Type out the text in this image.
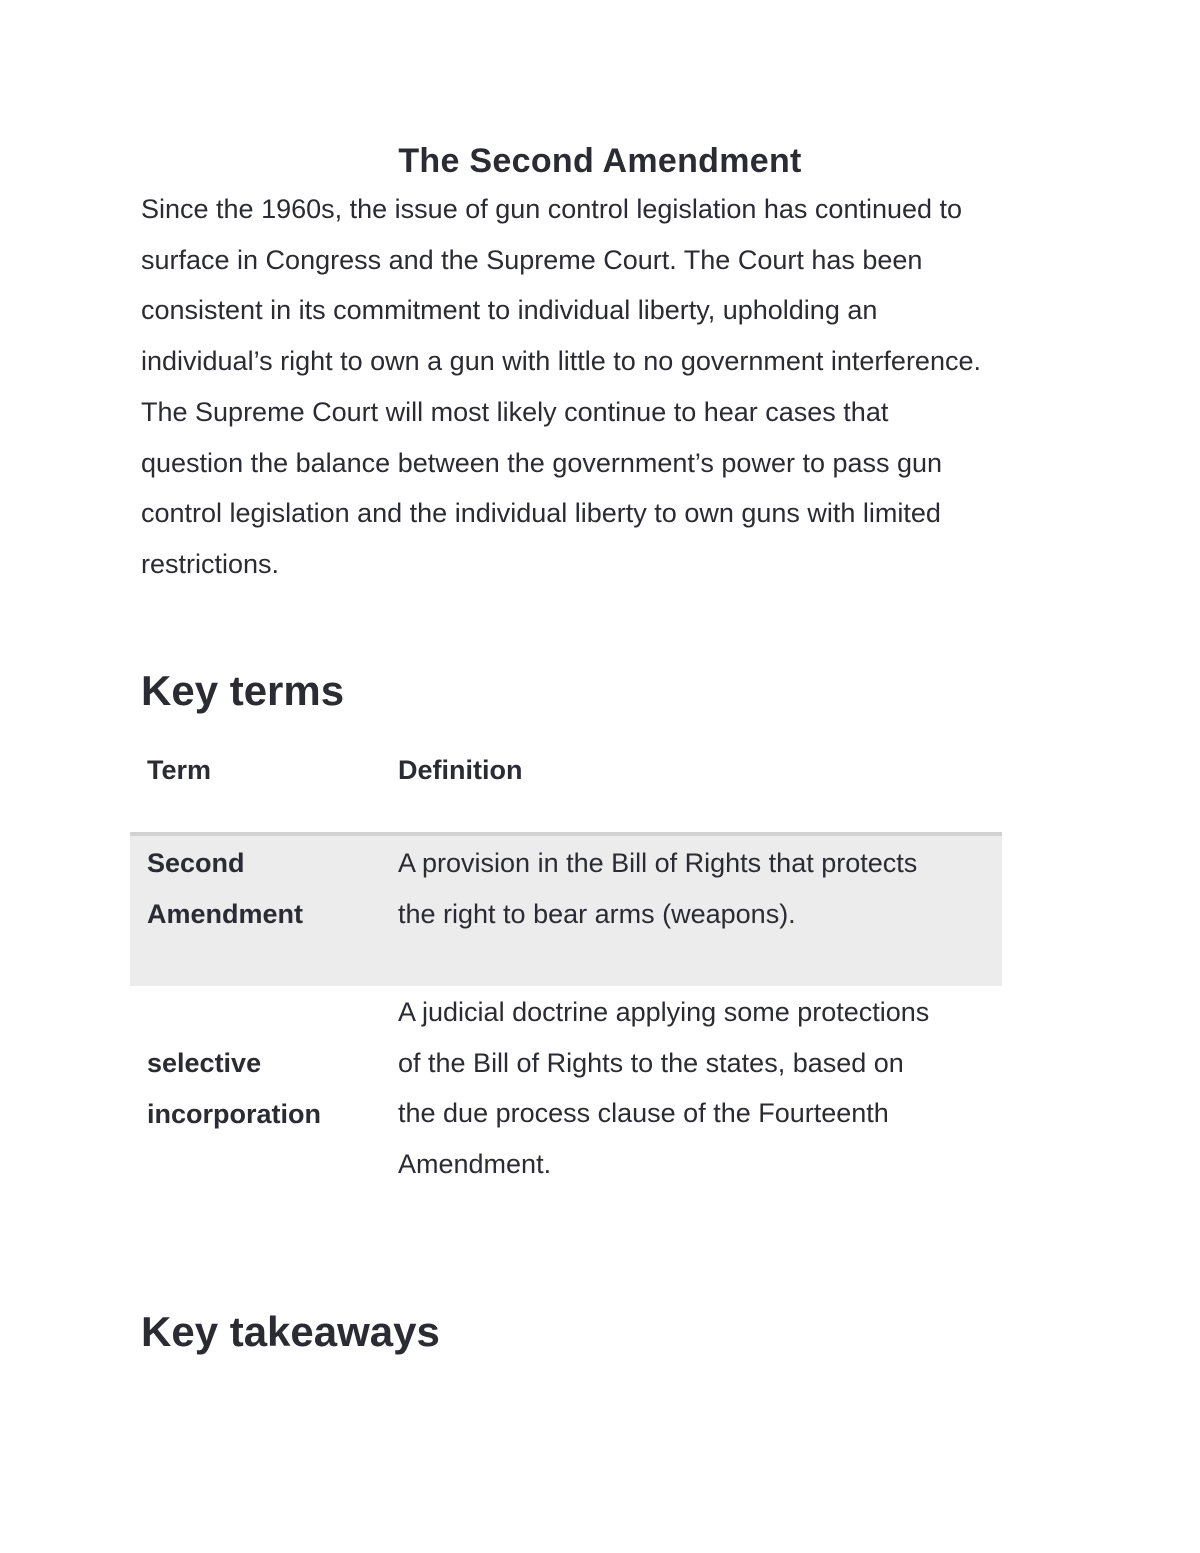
The Second Amendment

Since the 1960s, the issue of gun control legislation has continued to
surface in Congress and the Supreme Court. The Court has been
consistent in its commitment to individual liberty, upholding an
individual’s right to own a gun with little to no government interference.
The Supreme Court will most likely continue to hear cases that
question the balance between the government’s power to pass gun
control legislation and the individual liberty to own guns with limited
restrictions.

Key terms
Term	Definition
Second
Amendment
A provision in the Bill of Rights that protects
the right to bear arms (weapons).
selective
incorporation
A judicial doctrine applying some protections
of the Bill of Rights to the states, based on
the due process clause of the Fourteenth
Amendment.
Key takeaways
